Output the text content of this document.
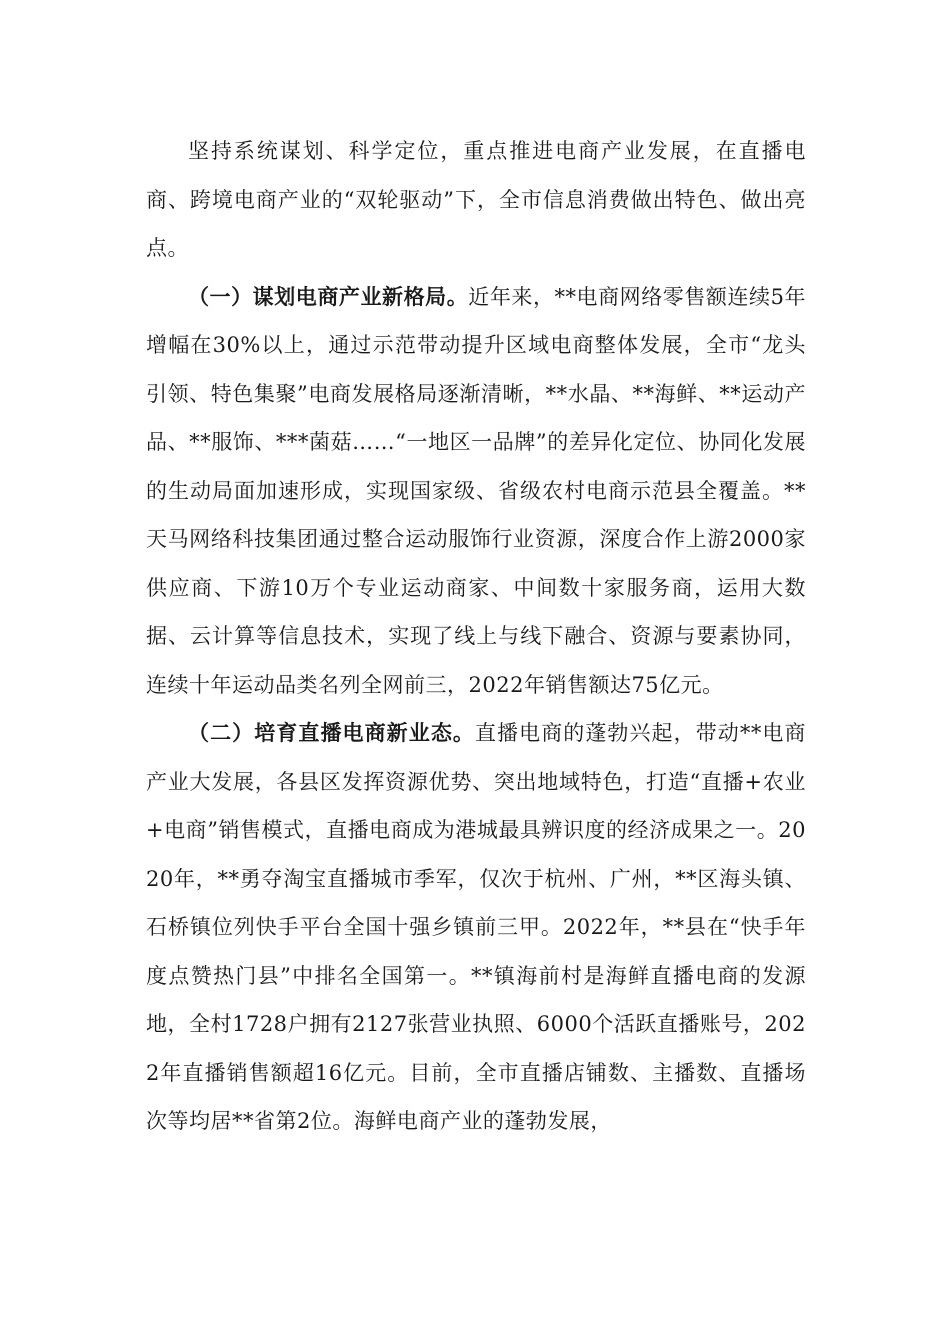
坚持系统谋划、科学定位，重点推进电商产业发展，在直播电商、跨境电商产业的“双轮驱动”下，全市信息消费做出特色、做出亮点。

（一）谋划电商产业新格局。近年来，**电商网络零售额连续5年增幅在30%以上，通过示范带动提升区域电商整体发展，全市“龙头引领、特色集聚”电商发展格局逐渐清晰，**水晶、**海鲜、**运动产品、**服饰、***菌菇……“一地区一品牌”的差异化定位、协同化发展的生动局面加速形成，实现国家级、省级农村电商示范县全覆盖。**天马网络科技集团通过整合运动服饰行业资源，深度合作上游2000家供应商、下游10万个专业运动商家、中间数十家服务商，运用大数据、云计算等信息技术，实现了线上与线下融合、资源与要素协同，连续十年运动品类名列全网前三，2022年销售额达75亿元。

（二）培育直播电商新业态。直播电商的蓬勃兴起，带动**电商产业大发展，各县区发挥资源优势、突出地域特色，打造“直播+农业+电商”销售模式，直播电商成为港城最具辨识度的经济成果之一。2020年，**勇夺淘宝直播城市季军，仅次于杭州、广州，**区海头镇、石桥镇位列快手平台全国十强乡镇前三甲。2022年，**县在“快手年度点赞热门县”中排名全国第一。**镇海前村是海鲜直播电商的发源地，全村1728户拥有2127张营业执照、6000个活跃直播账号，2022年直播销售额超16亿元。目前，全市直播店铺数、主播数、直播场次等均居**省第2位。海鲜电商产业的蓬勃发展，
